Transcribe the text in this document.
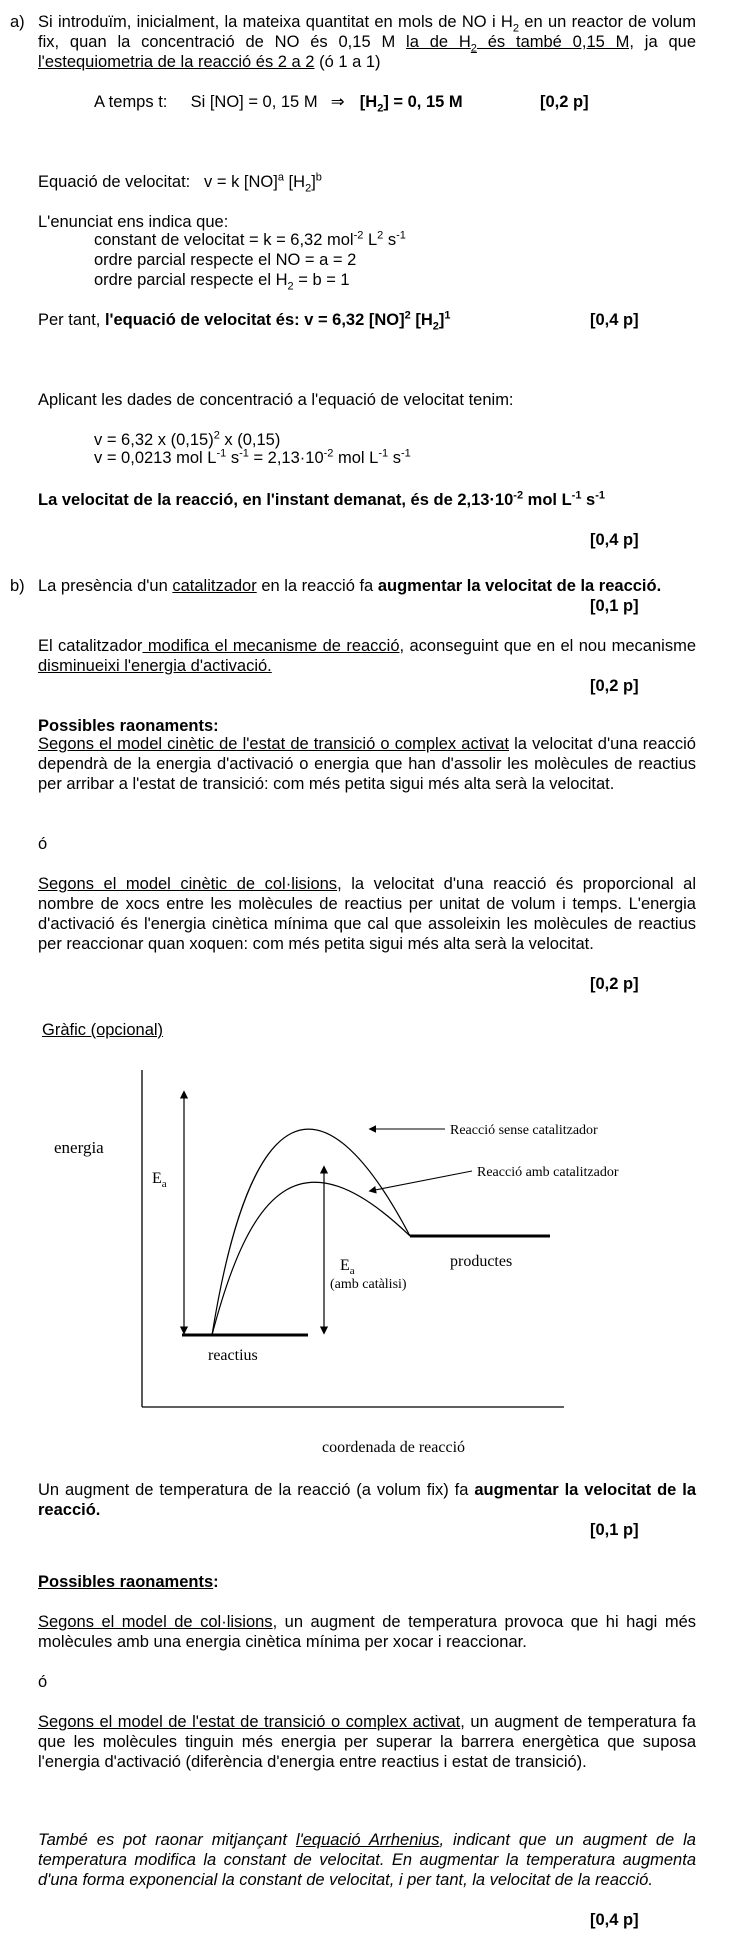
a) Si introduïm, inicialment, la mateixa quantitat en mols de NO i $H_2$ en un reactor de volum fix, quan la concentració de NO és 0,15 M la de $H_2$ és també 0,15 M, ja que l'estequiometria de la reacció és 2 a 2 (ó 1 a 1)
A temps t: Si [NO] = 0, 15 M ⇒ $[H_2] = 0$, 15 M	[0,2 p]
Equació de velocitat: v = k [NO]$^a$ $[H_2]^b$
L'enunciat ens indica que:
constant de velocitat = k = 6,32 mol$^{-2}$ $L^2$ $s^{-1}$
ordre parcial respecte el NO = a = 2
ordre parcial respecte el $H_2 = b = 1$
Per tant, l'equació de velocitat és: v = 6,32 [NO]$^2$ $[H_2]^1$	[0,4 p]
Aplicant les dades de concentració a l'equació de velocitat tenim:
v = 6,32 x $(0,15)^2$ x (0,15)
v = 0,0213 mol $L^{-1}$ $s^{-1} = 2,13\cdot 10^{-2}$ mol $L^{-1}$ $s^{-1}$
La velocitat de la reacció, en l'instant demanat, és de $2,13\cdot 10^{-2}$ mol $L^{-1}$ $s^{-1}$
[0,4 p]
b) La presència d'un catalitzador en la reacció fa augmentar la velocitat de la reacció.
[0,1 p]
El catalitzador modifica el mecanisme de reacció, aconseguint que en el nou mecanisme disminueixi l'energia d'activació.
[0,2 p]
Possibles raonaments:
Segons el model cinètic de l'estat de transició o complex activat la velocitat d'una reacció dependrà de la energia d'activació o energia que han d'assolir les molècules de reactius per arribar a l'estat de transició: com més petita sigui més alta serà la velocitat.
ó
Segons el model cinètic de col·lisions, la velocitat d'una reacció és proporcional al nombre de xocs entre les molècules de reactius per unitat de volum i temps. L'energia d'activació és l'energia cinètica mínima que cal que assoleixin les molècules de reactius per reaccionar quan xoquen: com més petita sigui més alta serà la velocitat.
[0,2 p]
Gràfic (opcional)
energia
$E_a$
$E_a$
(amb catàlisi)
reactius
productes
Reacció sense catalitzador
Reacció amb catalitzador
coordenada de reacció
Un augment de temperatura de la reacció (a volum fix) fa augmentar la velocitat de la reacció.
[0,1 p]
Possibles raonaments:
Segons el model de col·lisions, un augment de temperatura provoca que hi hagi més molècules amb una energia cinètica mínima per xocar i reaccionar.
ó
Segons el model de l'estat de transició o complex activat, un augment de temperatura fa que les molècules tinguin més energia per superar la barrera energètica que suposa l'energia d'activació (diferència d'energia entre reactius i estat de transició).
També es pot raonar mitjançant l'equació Arrhenius, indicant que un augment de la temperatura modifica la constant de velocitat. En augmentar la temperatura augmenta d'una forma exponencial la constant de velocitat, i per tant, la velocitat de la reacció.
[0,4 p]
